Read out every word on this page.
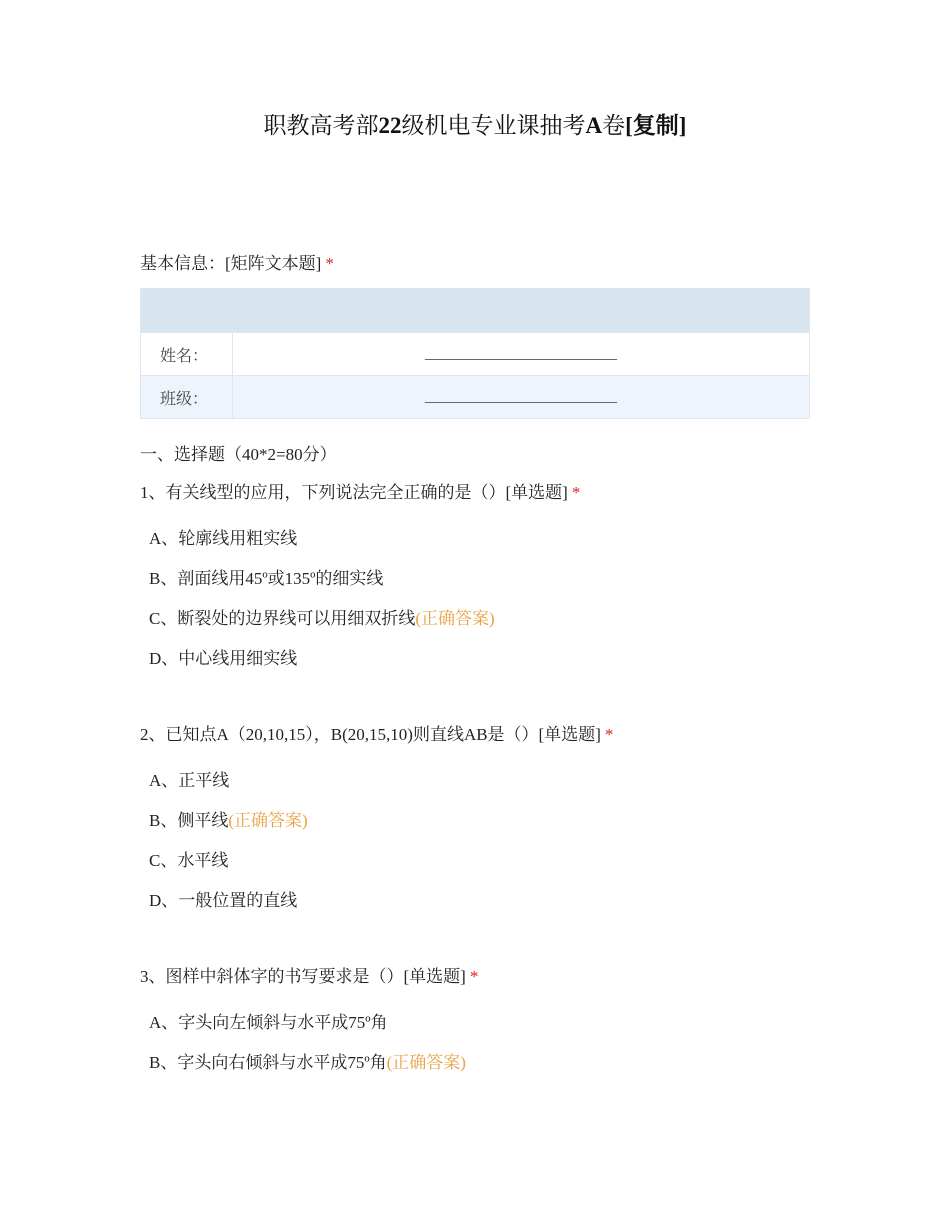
职教高考部22级机电专业课抽考A卷[复制]
基本信息：[矩阵文本题] *

姓名：	________________________
班级：	________________________
一、选择题（40*2=80分）
1、有关线型的应用，下列说法完全正确的是（）[单选题] *
A、轮廓线用粗实线
B、剖面线用45º或135º的细实线
C、断裂处的边界线可以用细双折线(正确答案)
D、中心线用细实线
2、已知点A（20,10,15），B(20,15,10)则直线AB是（）[单选题] *
A、正平线
B、侧平线(正确答案)
C、水平线
D、一般位置的直线
3、图样中斜体字的书写要求是（）[单选题] *
A、字头向左倾斜与水平成75º角
B、字头向右倾斜与水平成75º角(正确答案)
